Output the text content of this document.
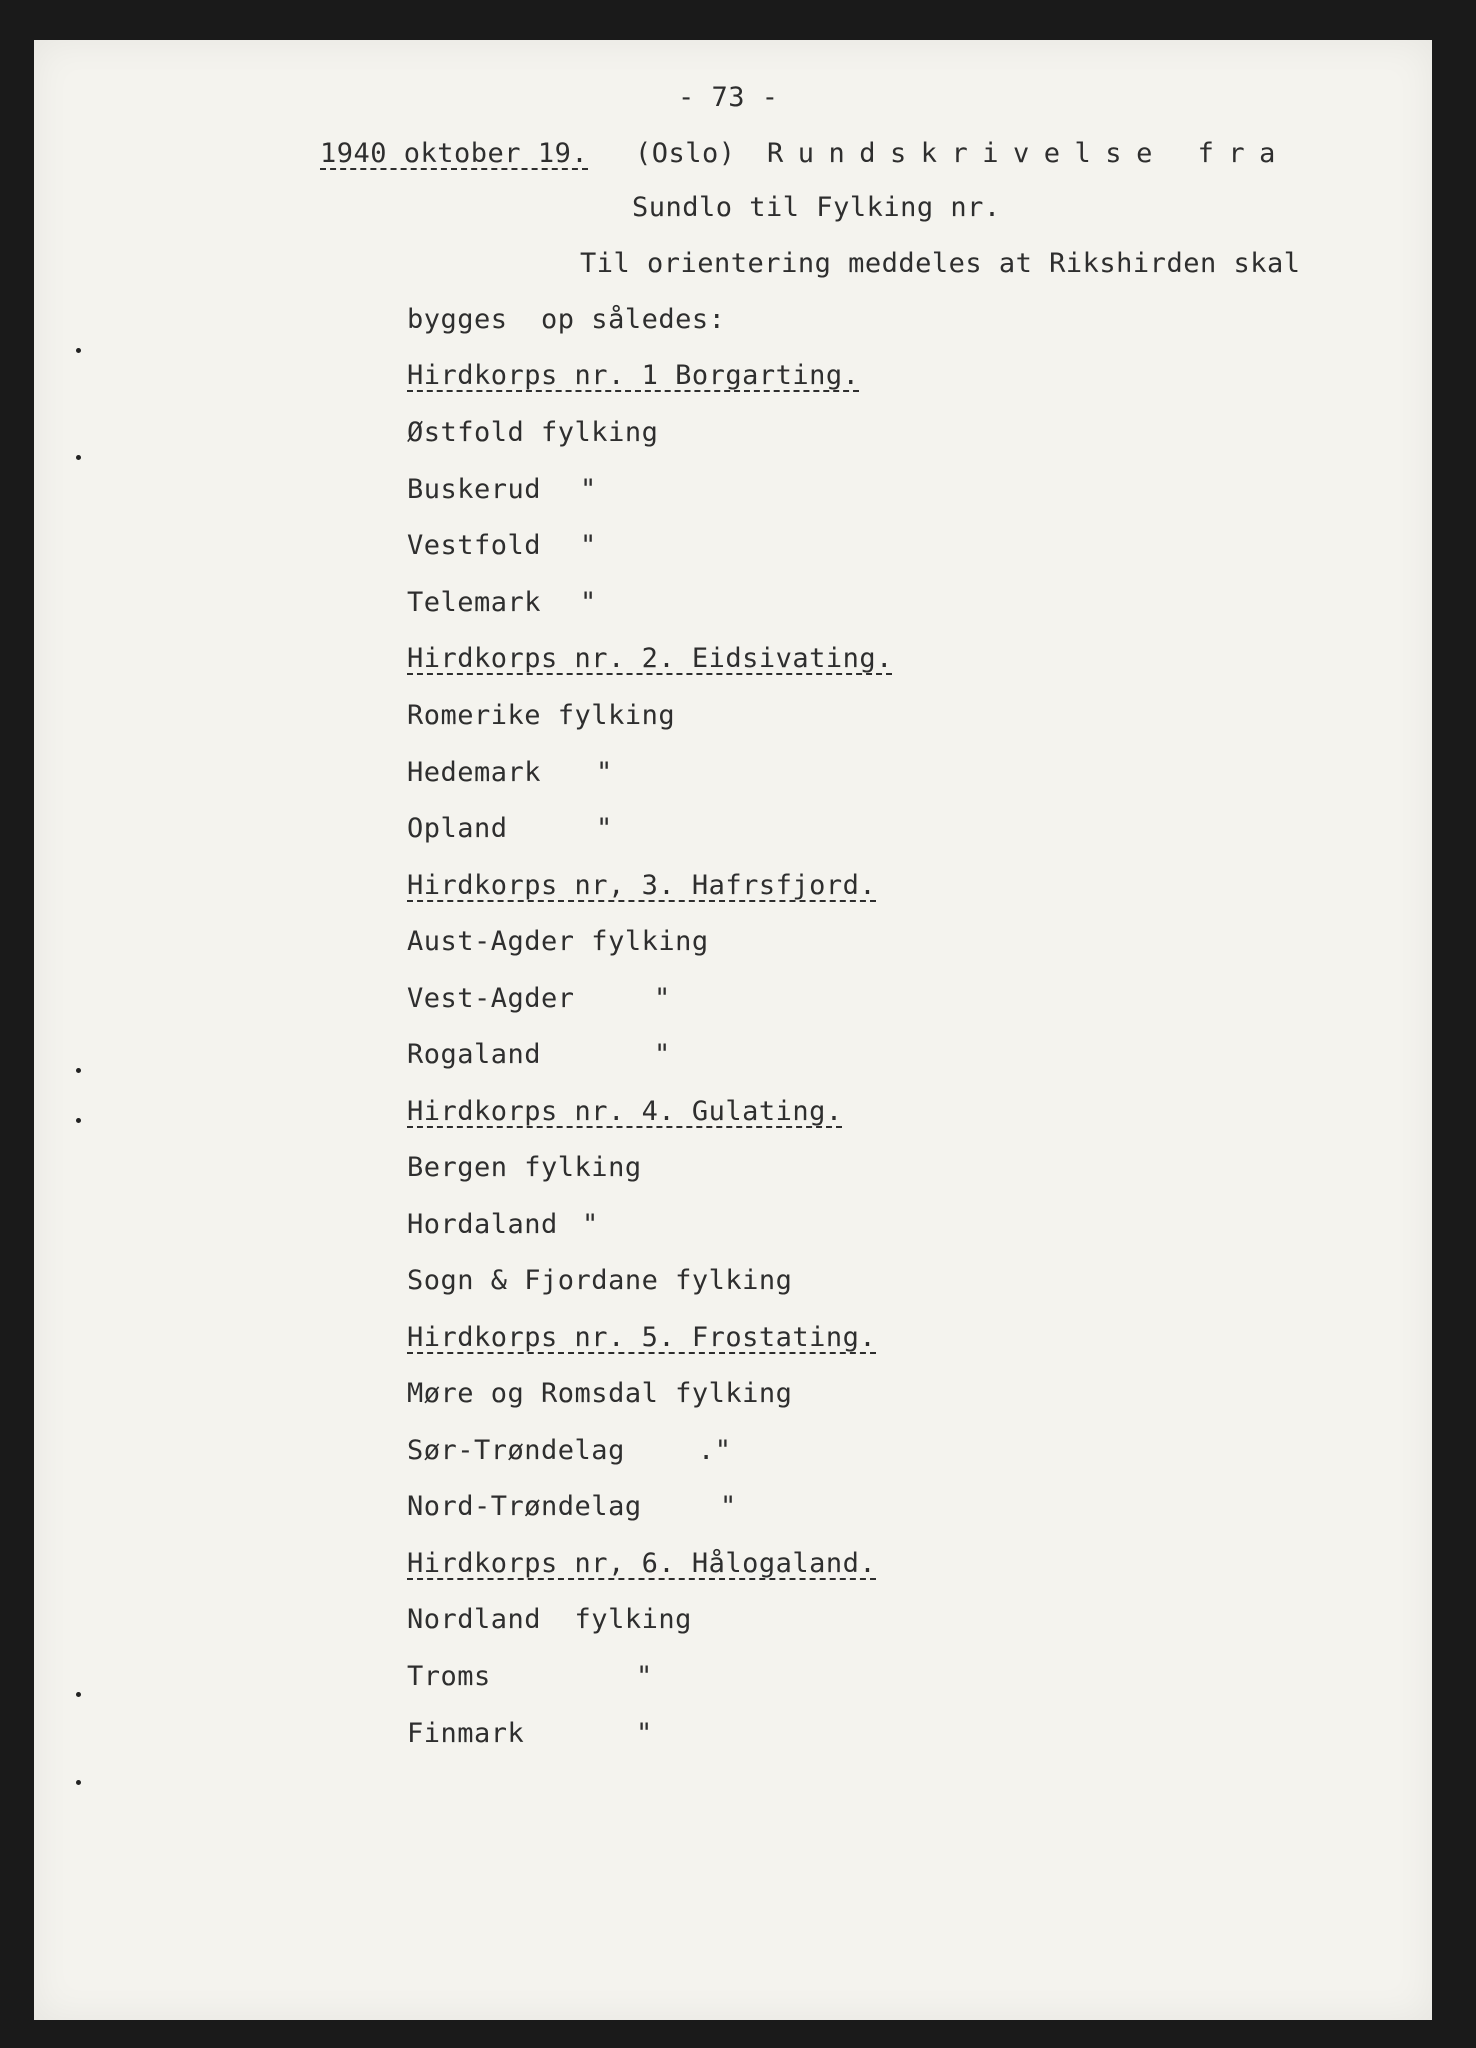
- 73 -
1940 oktober 19. (Oslo) Rundskrivelse fra
Sundlo til Fylking nr.
Til orientering meddeles at Rikshirden skal
bygges  op således:
Hirdkorps nr. 1 Borgarting.
Østfold fylking
Buskerud "
Vestfold "
Telemark "
Hirdkorps nr. 2. Eidsivating.
Romerike fylking
Hedemark "
Opland	"
Hirdkorps nr, 3. Hafrsfjord.
Aust-Agder fylking
Vest-Agder	"
Rogaland	"
Hirdkorps nr. 4. Gulating.
Bergen fylking
Hordaland "
Sogn & Fjordane fylking
Hirdkorps nr. 5. Frostating.
Møre og Romsdal fylking
Sør-Trøndelag	."
Nord-Trøndelag	"
Hirdkorps nr, 6. Hålogaland.
Nordland  fylking
Troms	"
Finmark	"
